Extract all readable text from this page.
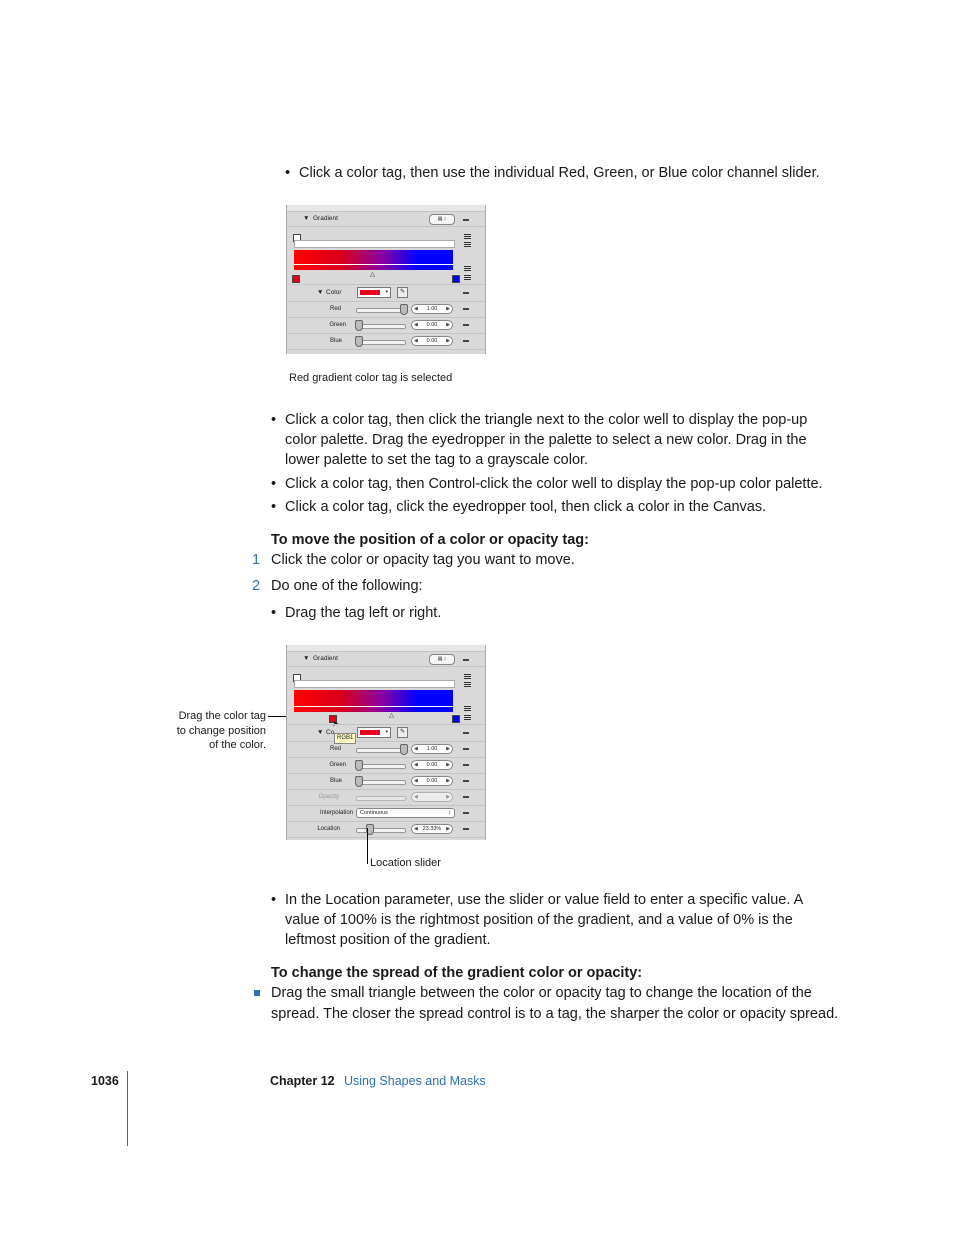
• Click a color tag, then use the individual Red, Green, or Blue color channel slider.
▼ Gradient	▤ ↕
△
▼ Color	▾	✎
Red	◀ 1.00 ▶
Green	◀ 0.00 ▶
Blue	◀ 0.00 ▶
Red gradient color tag is selected
• Click a color tag, then click the triangle next to the color well to display the pop-up
color palette. Drag the eyedropper in the palette to select a new color. Drag in the
lower palette to set the tag to a grayscale color.
• Click a color tag, then Control-click the color well to display the pop-up color palette.
• Click a color tag, click the eyedropper tool, then click a color in the Canvas.
To move the position of a color or opacity tag:
1 Click the color or opacity tag you want to move.
2 Do one of the following:
• Drag the tag left or right.
Drag the color tag
to change position
of the color.
▼ Gradient	▤ ↕
△
▼ Co	▾	✎
RGB1
Red	◀ 1.00 ▶
Green	◀ 0.00 ▶
Blue	◀ 0.00 ▶
Opacity	◀	▶
Interpolation	Continuous	↕
Location	◀ 23.33% ▶
Location slider
• In the Location parameter, use the slider or value field to enter a specific value. A
value of 100% is the rightmost position of the gradient, and a value of 0% is the
leftmost position of the gradient.
To change the spread of the gradient color or opacity:
Drag the small triangle between the color or opacity tag to change the location of the
spread. The closer the spread control is to a tag, the sharper the color or opacity spread.
1036	Chapter 12 Using Shapes and Masks
